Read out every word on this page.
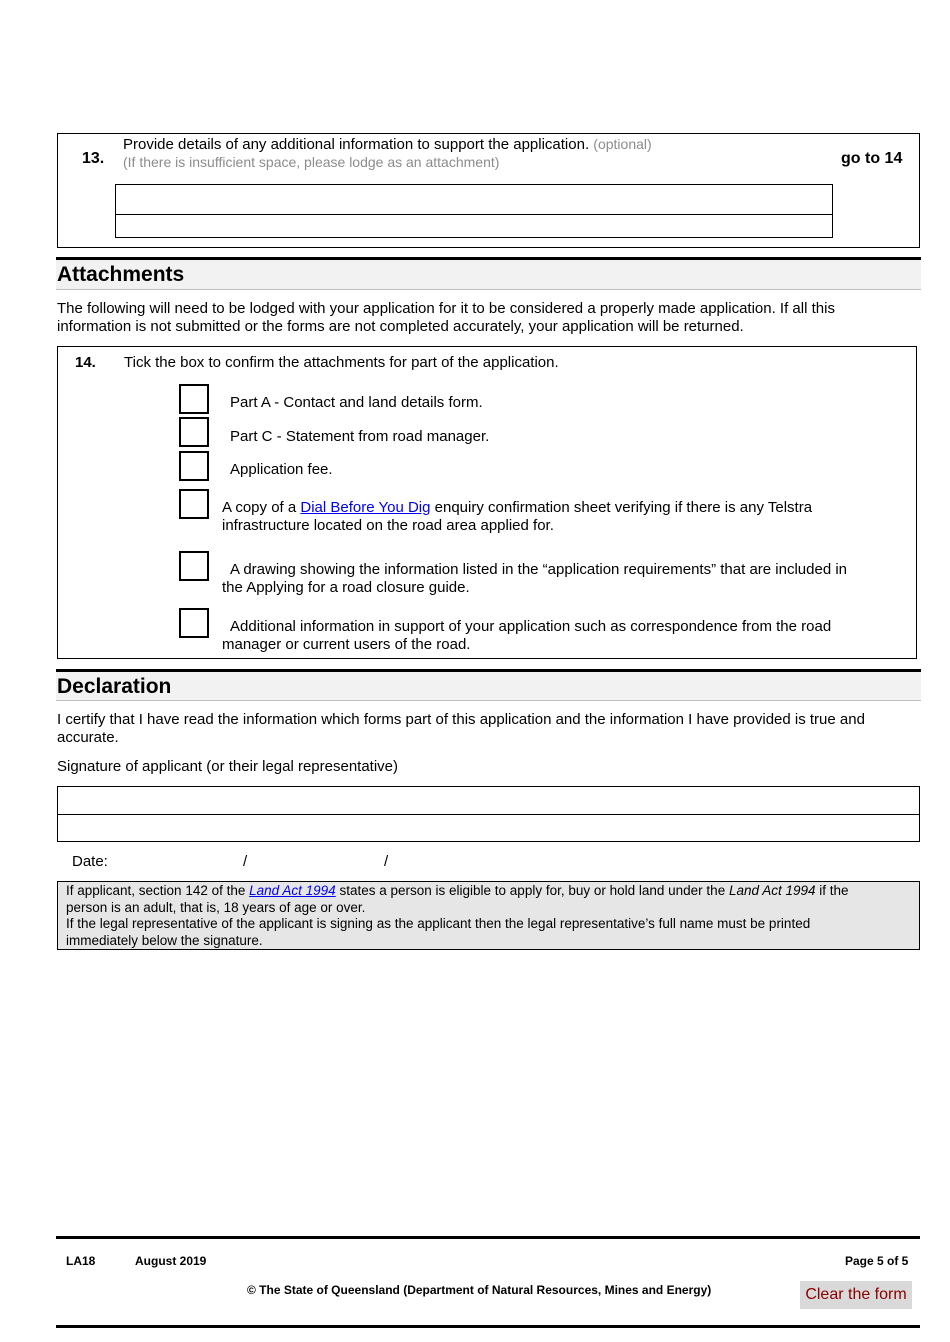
13.
Provide details of any additional information to support the application. (optional)
(If there is insufficient space, please lodge as an attachment)	go to 14
Attachments
The following will need to be lodged with your application for it to be considered a properly made application. If all this
information is not submitted or the forms are not completed accurately, your application will be returned.
14. Tick the box to confirm the attachments for part of the application.
Part A - Contact and land details form.
Part C - Statement from road manager.
Application fee.
A copy of a Dial Before You Dig enquiry confirmation sheet verifying if there is any Telstra
infrastructure located on the road area applied for.
A drawing showing the information listed in the “application requirements” that are included in
the Applying for a road closure guide.
Additional information in support of your application such as correspondence from the road
manager or current users of the road.
Declaration
I certify that I have read the information which forms part of this application and the information I have provided is true and
accurate.
Signature of applicant (or their legal representative)
Date:	/	/
If applicant, section 142 of the Land Act 1994 states a person is eligible to apply for, buy or hold land under the Land Act 1994 if the
person is an adult, that is, 18 years of age or over.
If the legal representative of the applicant is signing as the applicant then the legal representative’s full name must be printed
immediately below the signature.
LA18	August 2019	Page 5 of 5
© The State of Queensland (Department of Natural Resources, Mines and Energy)	Clear the form
